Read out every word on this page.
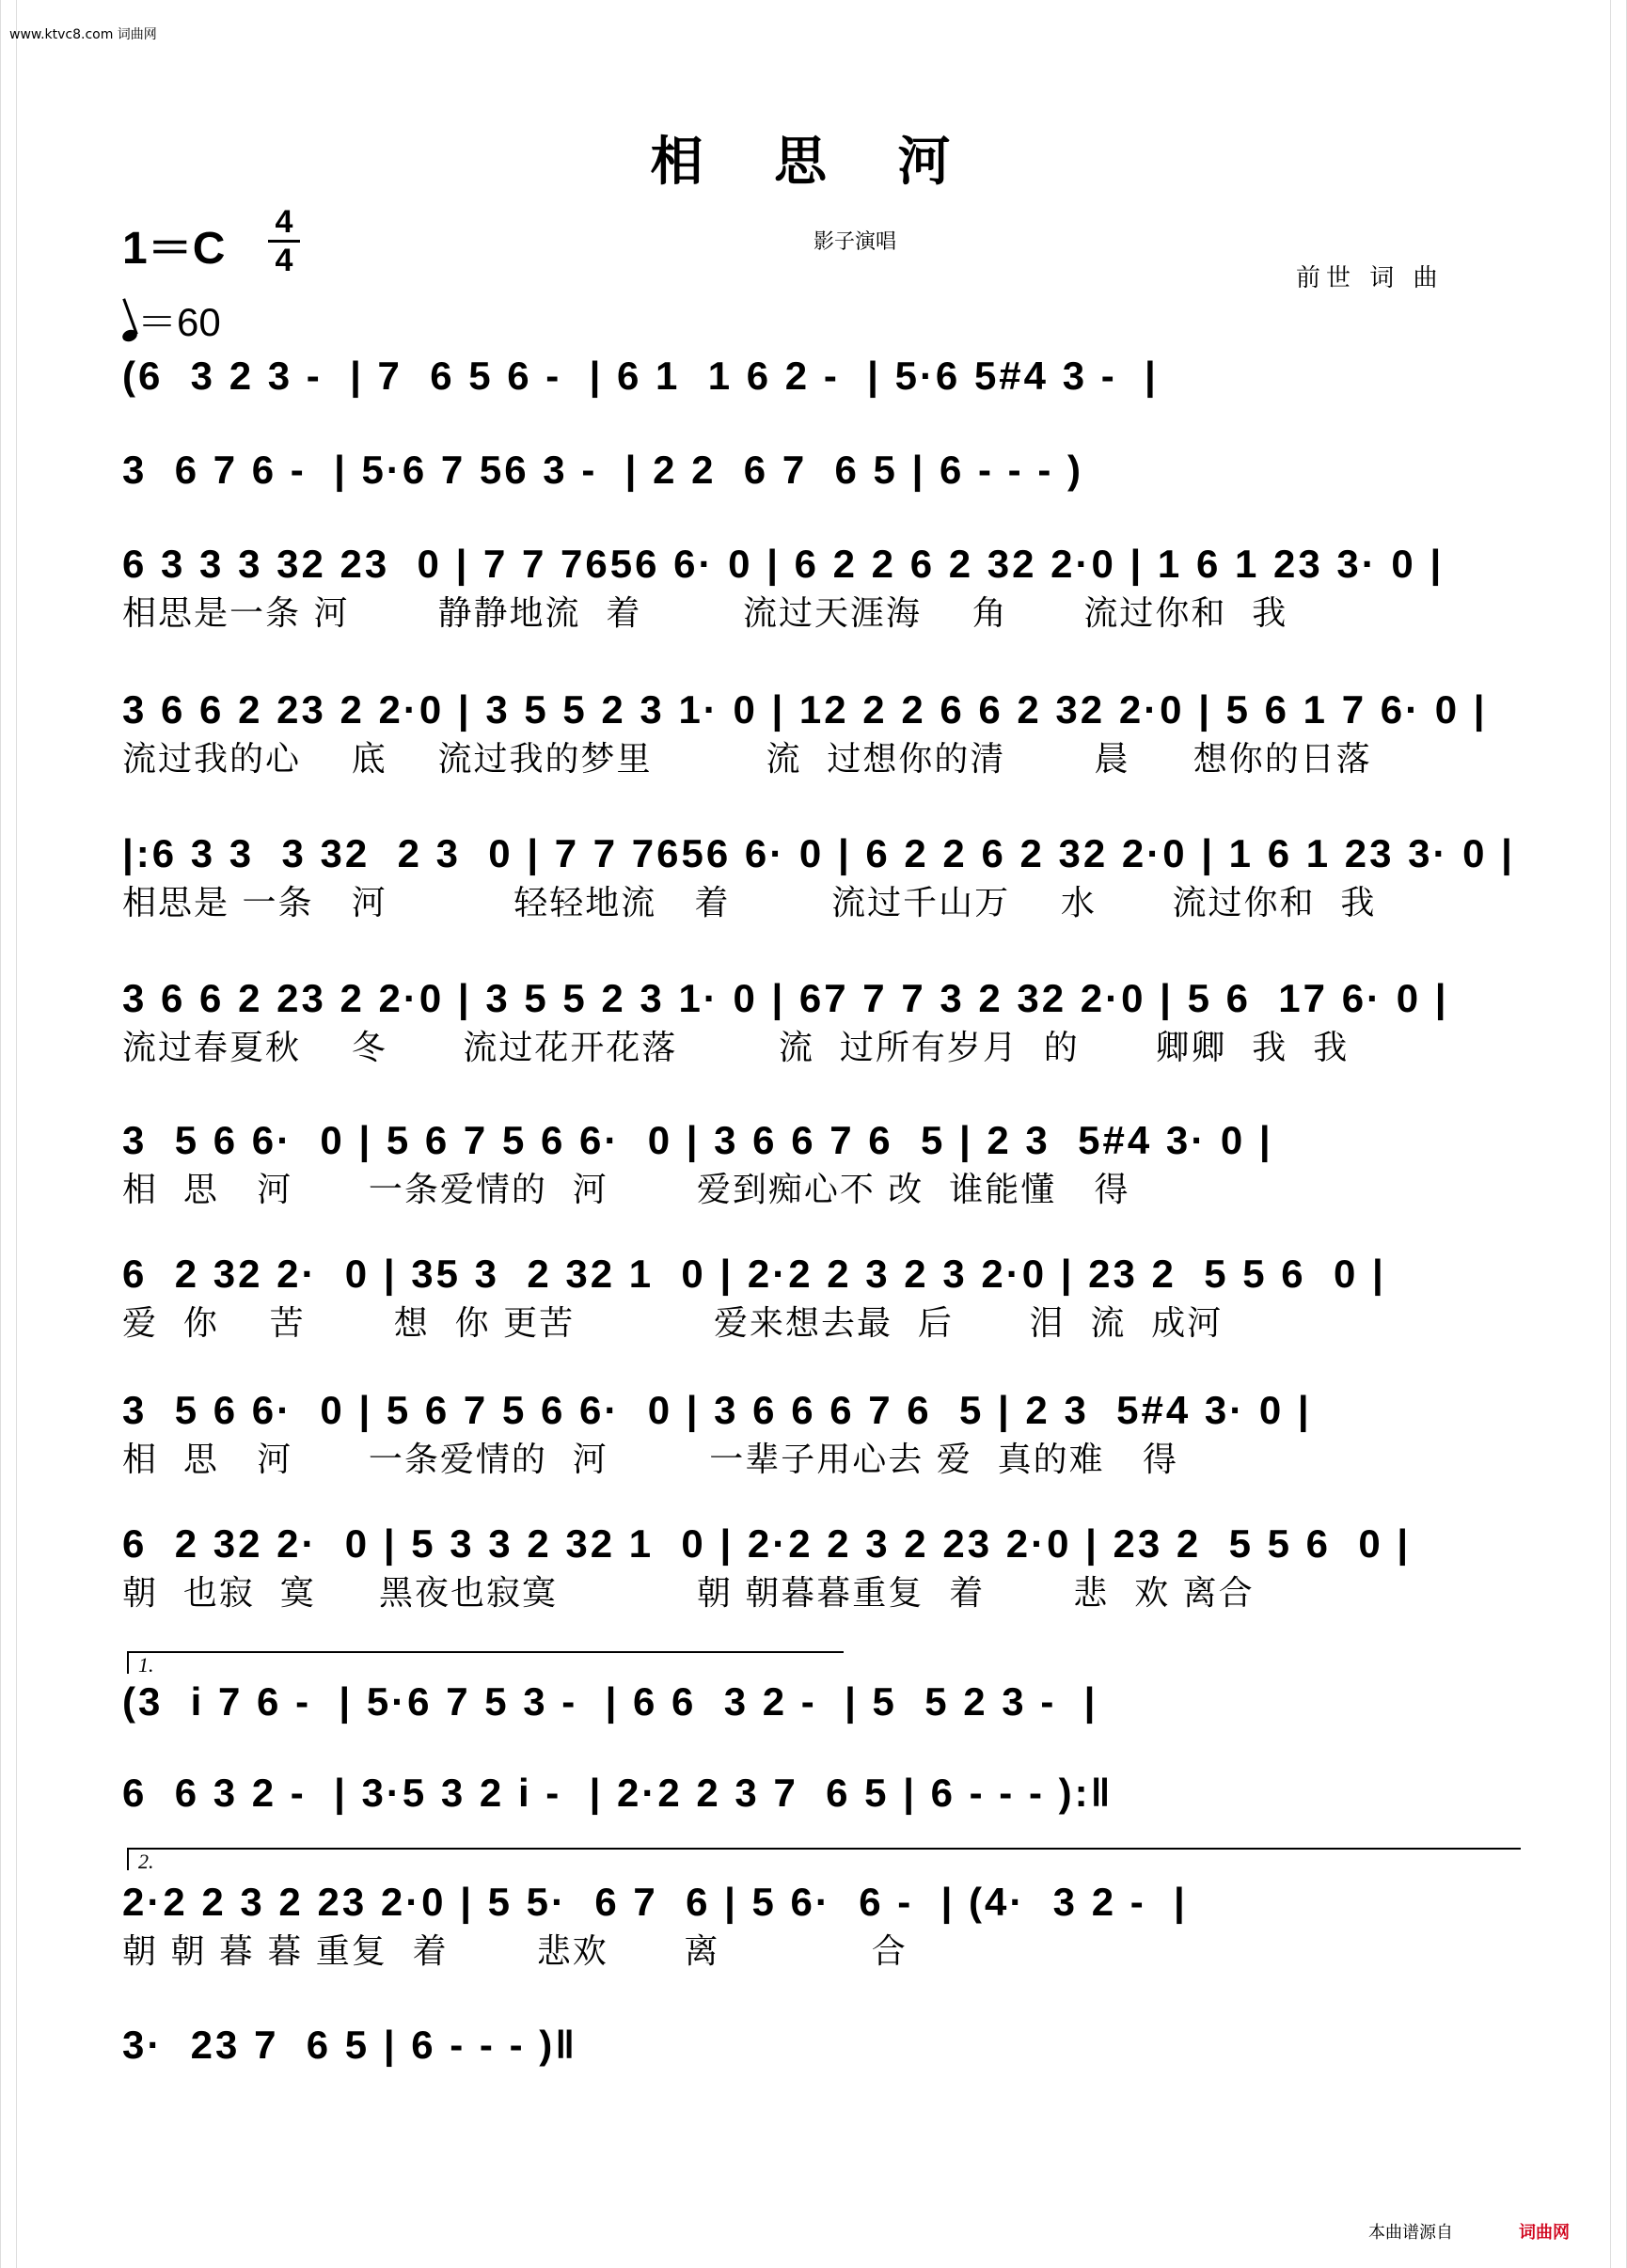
www.ktvc8.com 词曲网
相 思 河
1＝C
4
4
＝60
影子演唱
前世 词 曲
(6  3 2 3 -  | 7  6 5 6 -  | 6 1  1 6 2 -  | 5·6 5#4 3 -  |
3  6 7 6 -  | 5·6 7 56 3 -  | 2 2  6 7  6 5 | 6 - - - )
6 3 3 3 32 23  0 | 7 7 7656 6· 0 | 6 2 2 6 2 32 2·0 | 1 6 1 23 3· 0 |
相思是一条 河       静静地流  着        流过天涯海    角      流过你和  我
3 6 6 2 23 2 2·0 | 3 5 5 2 3 1· 0 | 12 2 2 6 6 2 32 2·0 | 5 6 1 7 6· 0 |
流过我的心    底    流过我的梦里         流  过想你的清       晨     想你的日落
|:6 3 3  3 32  2 3  0 | 7 7 7656 6· 0 | 6 2 2 6 2 32 2·0 | 1 6 1 23 3· 0 |
相思是 一条   河          轻轻地流   着        流过千山万    水      流过你和  我
3 6 6 2 23 2 2·0 | 3 5 5 2 3 1· 0 | 67 7 7 3 2 32 2·0 | 5 6  17 6· 0 |
流过春夏秋    冬      流过花开花落        流  过所有岁月  的      卿卿  我  我
3  5 6 6·  0 | 5 6 7 5 6 6·  0 | 3 6 6 7 6  5 | 2 3  5#4 3· 0 |
相  思   河      一条爱情的  河       爱到痴心不 改  谁能懂   得
6  2 32 2·  0 | 35 3  2 32 1  0 | 2·2 2 3 2 3 2·0 | 23 2  5 5 6  0 |
爱  你    苦       想  你 更苦           爱来想去最  后      泪  流  成河
3  5 6 6·  0 | 5 6 7 5 6 6·  0 | 3 6 6 6 7 6  5 | 2 3  5#4 3· 0 |
相  思   河      一条爱情的  河        一辈子用心去 爱  真的难   得
6  2 32 2·  0 | 5 3 3 2 32 1  0 | 2·2 2 3 2 23 2·0 | 23 2  5 5 6  0 |
朝  也寂  寞     黑夜也寂寞           朝 朝暮暮重复  着       悲  欢 离合
1.
(3  i 7 6 -  | 5·6 7 5 3 -  | 6 6  3 2 -  | 5  5 2 3 -  |
6  6 3 2 -  | 3·5 3 2 i -  | 2·2 2 3 7  6 5 | 6 - - - ):‖
2.
2·2 2 3 2 23 2·0 | 5 5·  6 7  6 | 5 6·  6 -  | (4·  3 2 -  |
朝 朝 暮 暮 重复  着       悲欢      离            合
3·  23 7  6 5 | 6 - - - )‖
本曲谱源自	词曲网
